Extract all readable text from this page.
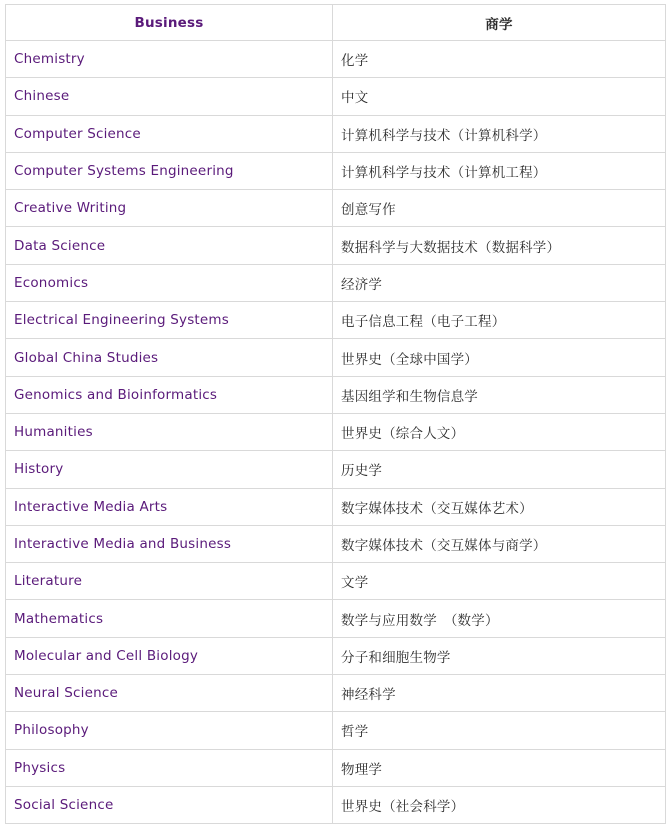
Business	商学
Chemistry	化学
Chinese	中文
Computer Science	计算机科学与技术（计算机科学）
Computer Systems Engineering	计算机科学与技术（计算机工程）
Creative Writing	创意写作
Data Science	数据科学与大数据技术（数据科学）
Economics	经济学
Electrical Engineering Systems	电子信息工程（电子工程）
Global China Studies	世界史（全球中国学）
Genomics and Bioinformatics	基因组学和生物信息学
Humanities	世界史（综合人文）
History	历史学
Interactive Media Arts	数字媒体技术（交互媒体艺术）
Interactive Media and Business	数字媒体技术（交互媒体与商学）
Literature	文学
Mathematics	数学与应用数学　（数学）
Molecular and Cell Biology	分子和细胞生物学
Neural Science	神经科学
Philosophy	哲学
Physics	物理学
Social Science	世界史（社会科学）
